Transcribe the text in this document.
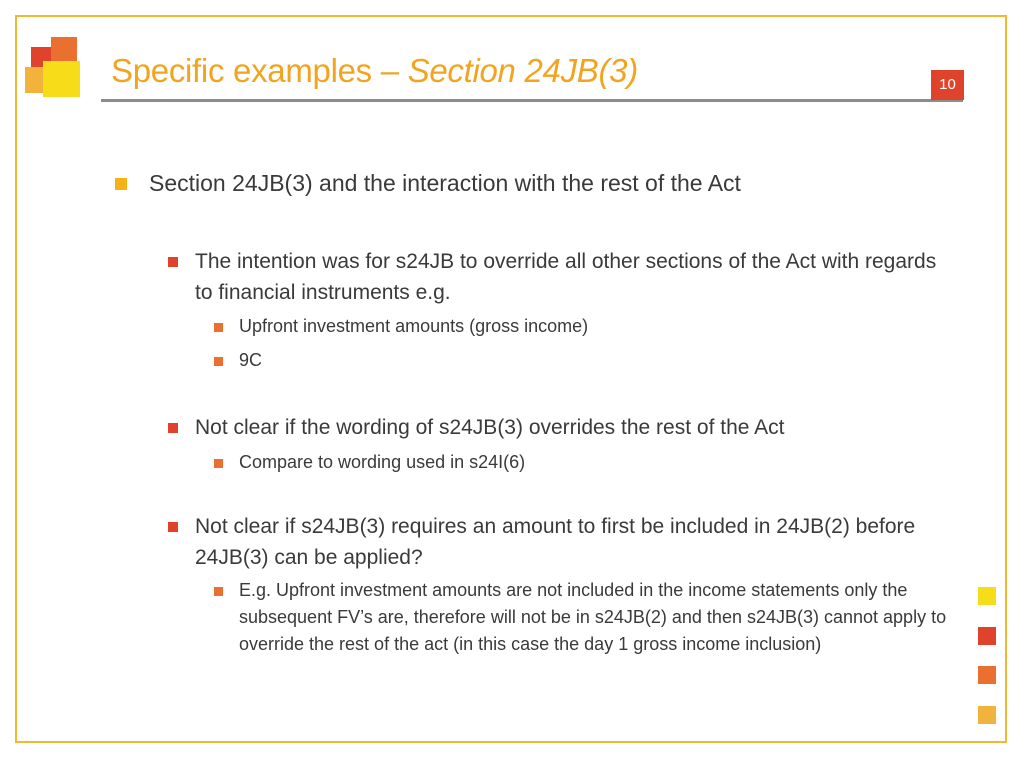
Specific examples – Section 24JB(3)	10
Section 24JB(3) and the interaction with the rest of the Act
The intention was for s24JB to override all other sections of the Act with regards to financial instruments e.g.
Upfront investment amounts (gross income)
9C
Not clear if the wording of s24JB(3) overrides the rest of the Act
Compare to wording used in s24I(6)
Not clear if s24JB(3) requires an amount to first be included in 24JB(2) before 24JB(3) can be applied?
E.g. Upfront investment amounts are not included in the income statements only the subsequent FV’s are, therefore will not be in s24JB(2) and then s24JB(3) cannot apply to override the rest of the act (in this case the day 1 gross income inclusion)
